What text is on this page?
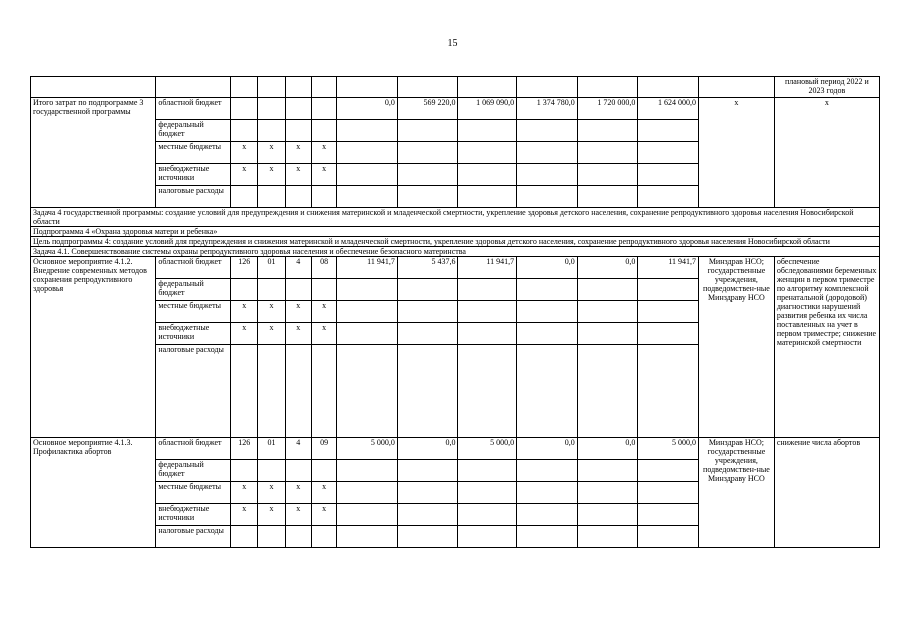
15
													плановый период 2022 и 2023 годов
Итого затрат по подпрограмме 3 государственной программы	областной бюджет					0,0	569 220,0	1 069 090,0	1 374 780,0	1 720 000,0	1 624 000,0	х	х
	федеральный бюджет												
	местные бюджеты	х	х	х	х								
	внебюджетные источники	х	х	х	х								
	налоговые расходы												
Задача 4 государственной программы: создание условий для предупреждения и снижения материнской и младенческой смертности, укрепление здоровья детского населения, сохранение репродуктивного здоровья населения Новосибирской области													
Подпрограмма 4 «Охрана здоровья матери и ребенка»													
Цель подпрограммы 4: создание условий для предупреждения и снижения материнской и младенческой смертности, укрепление здоровья детского населения, сохранение репродуктивного здоровья населения Новосибирской области													
Задача 4.1. Совершенствование системы охраны репродуктивного здоровья населения и обеспечение безопасного материнства													
Основное мероприятие 4.1.2. Внедрение современных методов сохранения репродуктивного здоровья	областной бюджет	126	01	4	08	11 941,7	5 437,6	11 941,7	0,0	0,0	11 941,7	Минздрав НСО; государственные учреждения, подведомствен-ные Минздраву НСО	обеспечение обследованиями беременных женщин в первом триместре по алгоритму комплексной пренатальной (дородовой) диагностики нарушений развития ребенка их числа поставленных на учет в первом триместре; снижение материнской смертности
	федеральный бюджет												
	местные бюджеты	х	х	х	х								
	внебюджетные источники	х	х	х	х								
	налоговые расходы												
Основное мероприятие 4.1.3. Профилактика абортов	областной бюджет	126	01	4	09	5 000,0	0,0	5 000,0	0,0	0,0	5 000,0	Минздрав НСО; государственные учреждения, подведомствен-ные Минздраву НСО	снижение числа абортов
	федеральный бюджет												
	местные бюджеты	х	х	х	х								
	внебюджетные источники	х	х	х	х								
	налоговые расходы												
